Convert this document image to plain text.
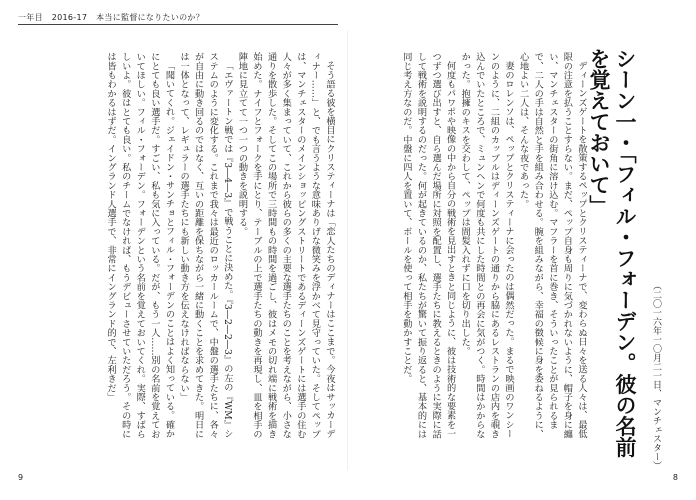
一年目 2016-17 本当に監督になりたいのか？
シーン一・「フィル・フォーデン。彼の名前を覚えておいて」
（二〇一六年一〇月二一日、マンチェスター）

ディーンズゲートを散策するペップとクリスティーナで、変わらぬ日々を送る人々は、最低限の注意を払うことすらない。まだ、ペップ自身も周りに気づかれないように、帽子を身に纏い、マンチェスターの街角に溶け込む。マフラーを首に巻き、そういったことが見られるまで、二人の手は自然と手を組み合わせる。腕を組みながら、幸福の徴候に身を委ねるように、心地よい二人は、そんな夜であった。

妻のロレンソは、ペップとクリスティーナに会ったのは偶然だった。まるで映画のワンシーンのように、二組のカップルはディーンズゲートの通りから脇にあるレストランの店内を覗き込んでいたところで、ミュンヘンで何度も共にした時間との再会に気がつく。時間はかからなかった。抱擁のキスを交わして、ペップは間髪入れずに口を切り出した。

何度もパワポや映像の中から自分の戦術を見出すときと同じように、彼は技術的な要素を一つずつ選び出すと、自ら選んだ場所に対照を配置し、選手たちに教えるときのように実際に話して戦術を説明するのだった。何が起きているのか、私たちが驚いて振り返ると、基本的には同じ考え方なのだ。中盤に四人を置いて、ボールを使って相手を動かすことだ。

そう語る彼を横目にクリスティーナは「恋人たちのディナーはここまで。今夜はサッカーディナー……」と、でも言うような意味ありげな微笑みを浮かべて見守っていた。そしてペップは、マンチェスターのメインショッピングストリートであるディーンズゲートには選手の住む人々が多く集まっていて、これから彼らの多くの主要な選手たちのことを考えながら、小さな通りを散歩した。そしてこの場所で三時間もの時間を過ごし、彼はメモの切れ端に戦術を描き始めた。ナイフとフォークを手にとり、テーブルの上で選手たちの動きを再現し、皿を相手の陣地に見立てて一つ一つの動きを説明する。

「エヴァートン戦では『3―4―3』で戦うことに決めた。『3―2―2―3』の左の『WM』システムのように変化する。これまで我々は最近のロッカールームで、中盤の選手たちに、各々が自由に動き回るのではなく、互いの距離を保ちながら一緒に動くことを求めてきた。明日には一体となって、レギュラーの選手たちにも新しい動き方を伝えなければならない」

「聞いてくれ。ジェイドン・サンチョとフィル・フォーデンのことはよく知っている。確かにとても良い選手だ。すごい、私も気に入っている。だが、もう一人……別の名前を覚えておいてほしい。フィル・フォーデン。フォーデンという名前を覚えておいてくれ。実際、すばらしいよ。彼はとても良い。私のチームでなければ、もうデビューさせていただろう。その時には皆もわかるはずだ。イングランド人選手で、非常にイングランド的で、左利きだ」

9	8
